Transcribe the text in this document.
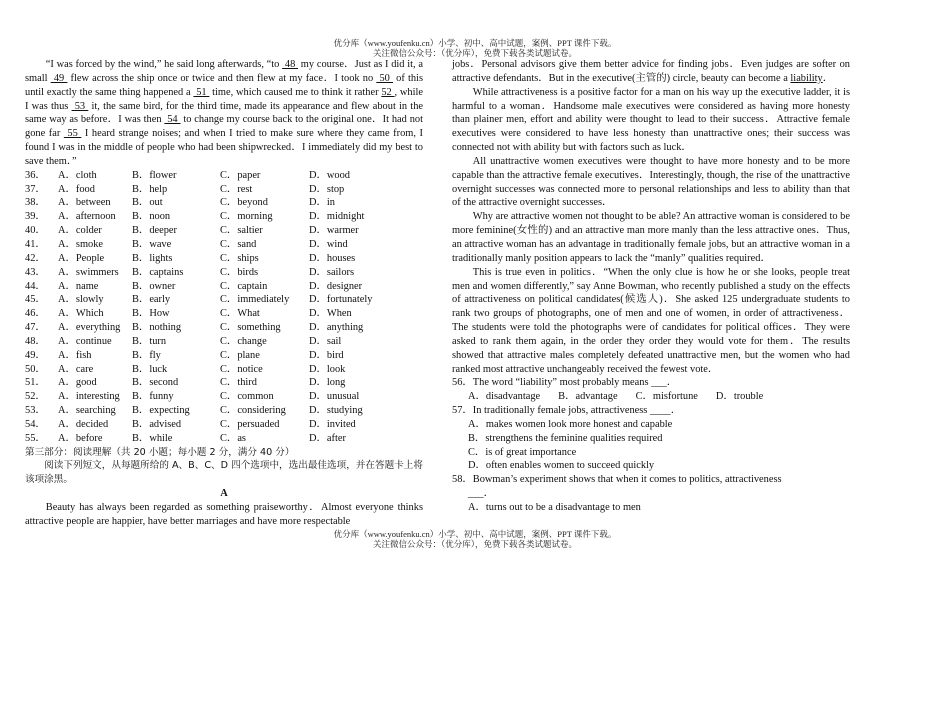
优分库（www.youfenku.cn）小学、初中、高中试题，案例、PPT 课件下载。
关注微信公众号：（优分库），免费下载各类试题试卷。

“I was forced by the wind,” he said long afterwards, “to  48  my course．Just as I did it, a small  49  flew across the ship once or twice and then flew at my face．I took no  50  of this until exactly the same thing happened a  51  time, which caused me to think it rather 52 , while I was thus  53  it, the same bird, for the third time, made its appearance and flew about in the same way as before．I was then  54  to change my course back to the original one．It had not gone far  55  I heard strange noises; and when I tried to make sure where they came from, I found I was in the middle of people who had been shipwrecked．I immediately did my best to save them．”

36．	A．cloth	B．flower	C．paper	D．wood
37．	A．food	B．help	C．rest	D．stop
38．	A．between	B．out	C．beyond	D．in
39．	A．afternoon	B．noon	C．morning	D．midnight
40．	A．colder	B．deeper	C．saltier	D．warmer
41．	A．smoke	B．wave	C．sand	D．wind
42．	A．People	B．lights	C．ships	D．houses
43．	A．swimmers	B．captains	C．birds	D．sailors
44．	A．name	B．owner	C．captain	D．designer
45．	A．slowly	B．early	C．immediately	D．fortunately
46．	A．Which	B．How	C．What	D．When
47．	A．everything	B．nothing	C．something	D．anything
48．	A．continue	B．turn	C．change	D．sail
49．	A．fish	B．fly	C．plane	D．bird
50．	A．care	B．luck	C．notice	D．look
51．	A．good	B．second	C．third	D．long
52．	A．interesting	B．funny	C．common	D．unusual
53．	A．searching	B．expecting	C．considering	D．studying
54．	A．decided	B．advised	C．persuaded	D．invited
55．	A．before	B．while	C．as	D．after

第三部分：阅读理解（共 20 小题；每小题 2 分，满分 40 分）

阅读下列短文，从每题所给的 A、B、C、D 四个选项中，选出最佳选项，并在答题卡上将该项涂黑。

A

Beauty has always been regarded as something praiseworthy．Almost everyone thinks attractive people are happier, have better marriages and have more respectable

jobs．Personal advisors give them better advice for finding jobs．Even judges are softer on attractive defendants．But in the executive(主管的) circle, beauty can become a liability．

While attractiveness is a positive factor for a man on his way up the executive ladder, it is harmful to a woman．Handsome male executives were considered as having more honesty than plainer men, effort and ability were thought to lead to their success．Attractive female executives were considered to have less honesty than unattractive ones; their success was connected not with ability but with factors such as luck．

All unattractive women executives were thought to have more honesty and to be more capable than the attractive female executives．Interestingly, though, the rise of the unattractive overnight successes was connected more to personal relationships and less to ability than that of the attractive overnight successes．

Why are attractive women not thought to be able? An attractive woman is considered to be more feminine(女性的) and an attractive man more manly than the less attractive ones．Thus, an attractive woman has an advantage in traditionally female jobs, but an attractive woman in a traditionally manly position appears to lack the “manly” qualities required．

This is true even in politics．“When the only clue is how he or she looks, people treat men and women differently,” say Anne Bowman, who recently published a study on the effects of attractiveness on political candidates(候选人)．She asked 125 undergraduate students to rank two groups of photographs, one of men and one of women, in order of attractiveness．The students were told the photographs were of candidates for political offices．They were asked to rank them again, in the order they order they would vote for them．The results showed that attractive males completely defeated unattractive men, but the women who had ranked most attractive unchangeably received the fewest vote．

56．The word “liability” most probably means ___．

A．disadvantage B．advantage C．misfortune D．trouble

57．In traditionally female jobs, attractiveness ____．

A．makes women look more honest and capable
B．strengthens the feminine qualities required
C．is of great importance
D．often enables women to succeed quickly

58．Bowman’s experiment shows that when it comes to politics, attractiveness

___．
A．turns out to be a disadvantage to men
优分库（www.youfenku.cn）小学、初中、高中试题，案例、PPT 课件下载。
关注微信公众号：（优分库），免费下载各类试题试卷。
